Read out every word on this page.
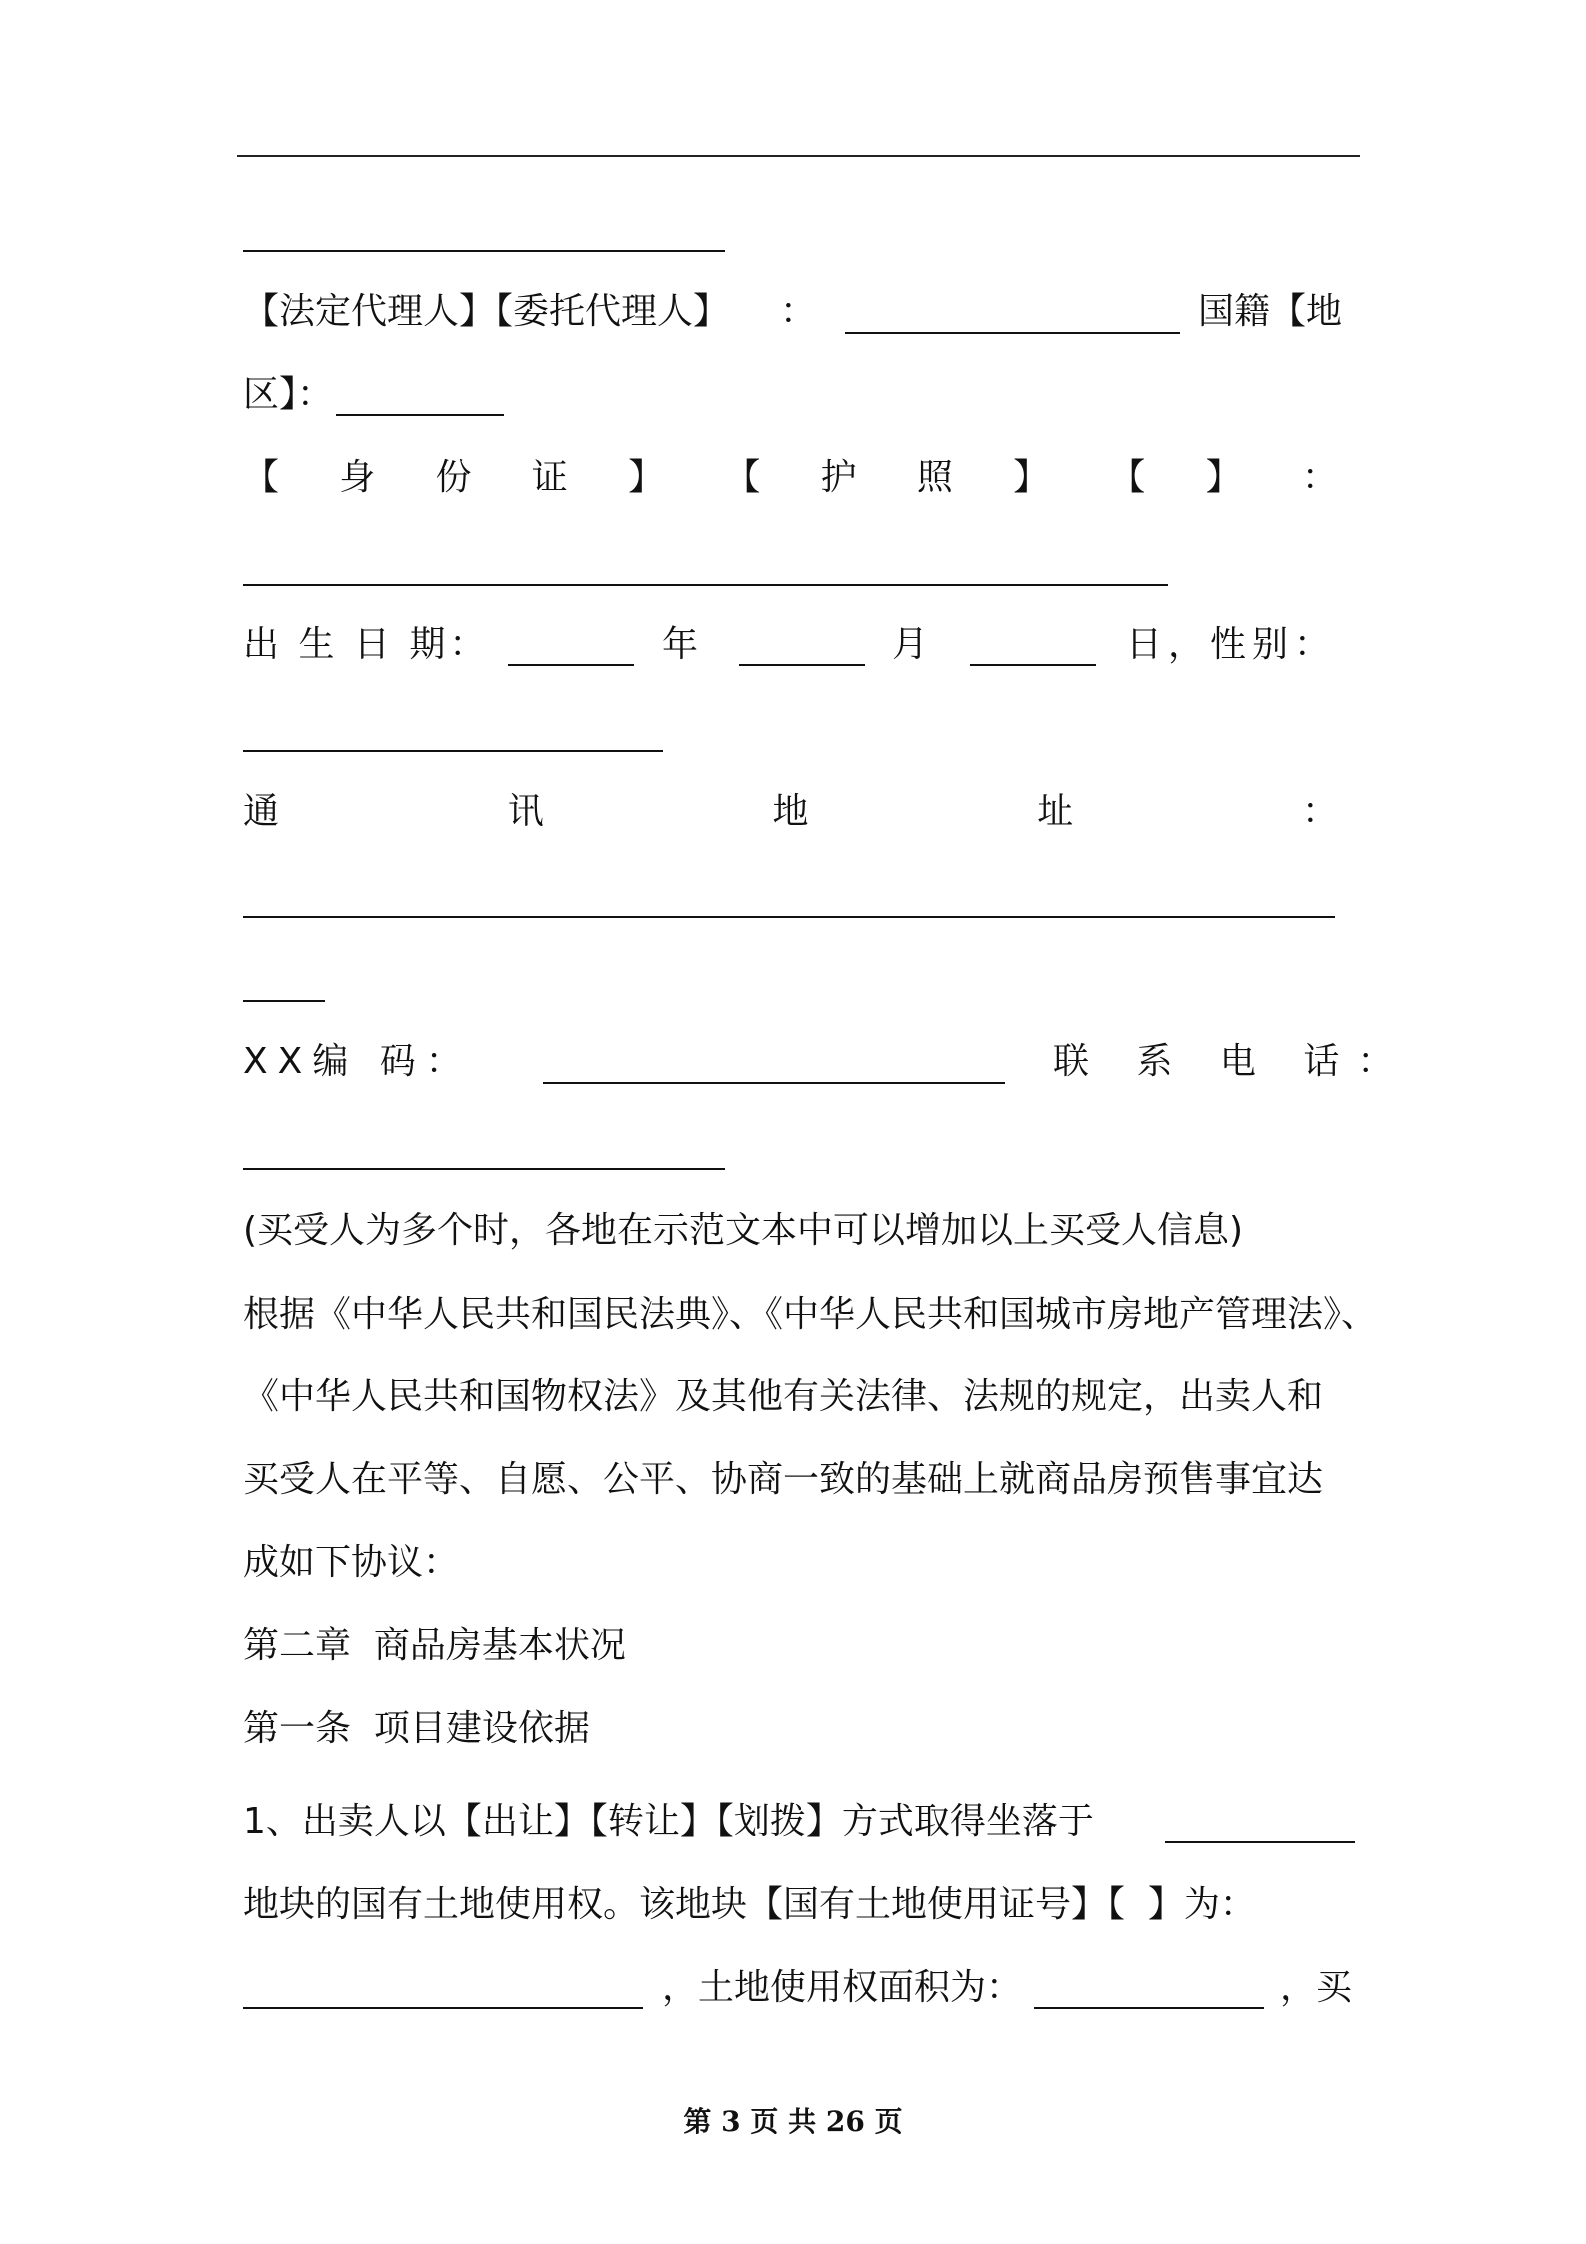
【法定代理人】【委托代理人】 ：	国籍【地
区】：
【 身 份 证 】 【 护 照 】 【 】 ：
出 生 日 期：	年	月	日，性别：
通	讯	地	址	：
XX编 码：	联 系 电 话：
(买受人为多个时，各地在示范文本中可以增加以上买受人信息)
根据《中华人民共和国民法典》、《中华人民共和国城市房地产管理法》、
《中华人民共和国物权法》及其他有关法律、法规的规定，出卖人和
买受人在平等、自愿、公平、协商一致的基础上就商品房预售事宜达
成如下协议：
第二章  商品房基本状况
第一条  项目建设依据
1、出卖人以【出让】【转让】【划拨】方式取得坐落于
地块的国有土地使用权。该地块【国有土地使用证号】【  】为：
，土地使用权面积为：	，买
第 3 页 共 26 页
